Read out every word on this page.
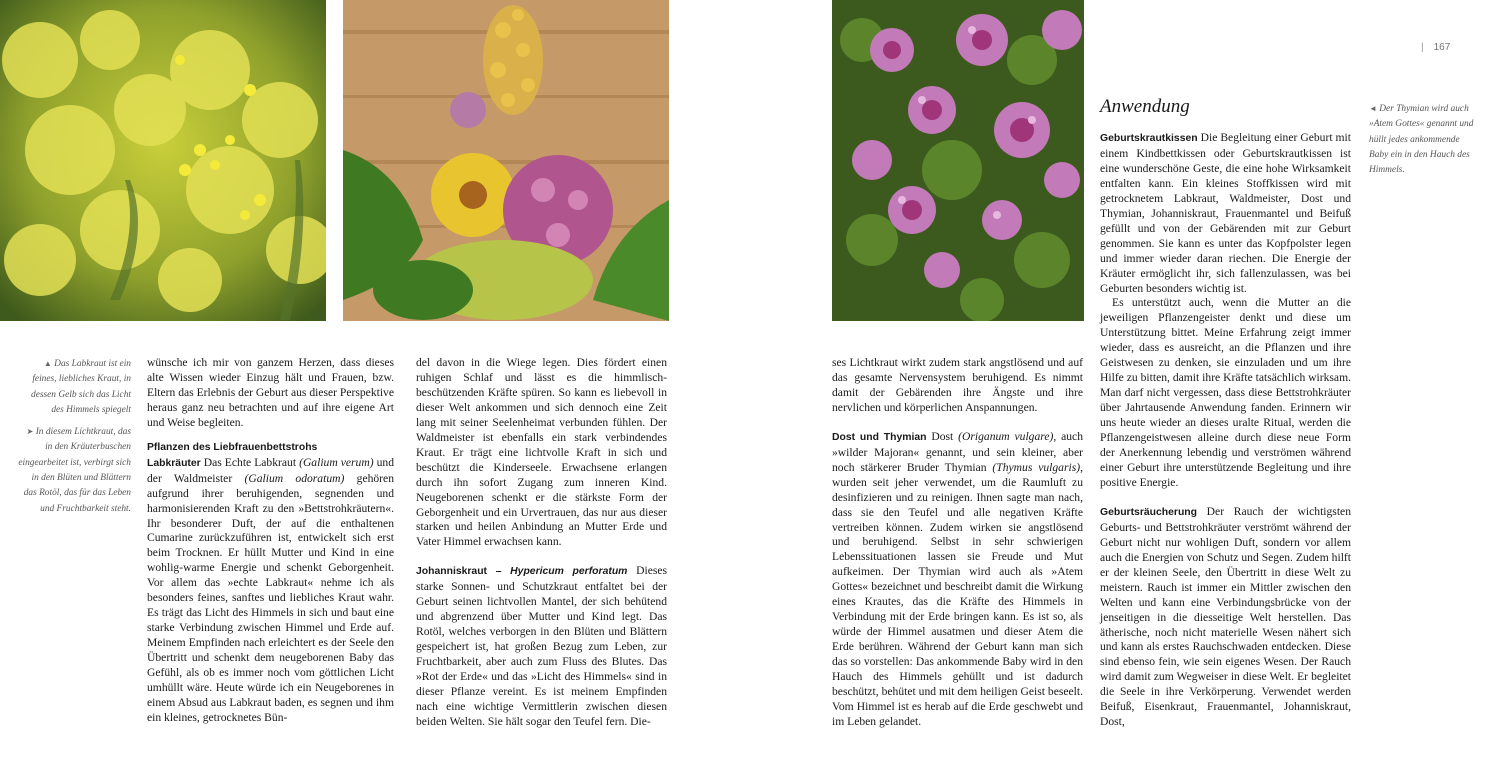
| 167
Anwendung

▲ Das Labkraut ist ein feines, liebliches Kraut, in dessen Gelb sich das Licht des Himmels spiegelt

➤ In diesem Lichtkraut, das in den Kräuterbuschen eingearbeitet ist, verbirgt sich in den Blüten und Blättern das Rotöl, das für das Leben und Fruchtbarkeit steht.

◄ Der Thymian wird auch »Atem Gottes« genannt und hüllt jedes ankommende Baby ein in den Hauch des Himmels.

wünsche ich mir von ganzem Herzen, dass dieses alte Wissen wieder Einzug hält und Frauen, bzw. Eltern das Erlebnis der Geburt aus dieser Perspektive heraus ganz neu betrachten und auf ihre eigene Art und Weise begleiten.

Pflanzen des Liebfrauenbettstrohs

Labkräuter Das Echte Labkraut (Galium verum) und der Waldmeister (Galium odoratum) gehören aufgrund ihrer beruhigenden, segnenden und harmonisierenden Kraft zu den »Bettstrohkräutern«. Ihr besonderer Duft, der auf die enthaltenen Cumarine zurückzuführen ist, entwickelt sich erst beim Trocknen. Er hüllt Mutter und Kind in eine wohlig-warme Energie und schenkt Geborgenheit. Vor allem das »echte Labkraut« nehme ich als besonders feines, sanftes und liebliches Kraut wahr. Es trägt das Licht des Himmels in sich und baut eine starke Verbindung zwischen Himmel und Erde auf. Meinem Empfinden nach erleichtert es der Seele den Übertritt und schenkt dem neugeborenen Baby das Gefühl, als ob es immer noch vom göttlichen Licht umhüllt wäre. Heute würde ich ein Neugeborenes in einem Absud aus Labkraut baden, es segnen und ihm ein kleines, getrocknetes Bün-

del davon in die Wiege legen. Dies fördert einen ruhigen Schlaf und lässt es die himmlisch-beschützenden Kräfte spüren. So kann es liebevoll in dieser Welt ankommen und sich dennoch eine Zeit lang mit seiner Seelenheimat verbunden fühlen. Der Waldmeister ist ebenfalls ein stark verbindendes Kraut. Er trägt eine lichtvolle Kraft in sich und beschützt die Kinderseele. Erwachsene erlangen durch ihn sofort Zugang zum inneren Kind. Neugeborenen schenkt er die stärkste Form der Geborgenheit und ein Urvertrauen, das nur aus dieser starken und heilen Anbindung an Mutter Erde und Vater Himmel erwachsen kann.

Johanniskraut – Hypericum perforatum Dieses starke Sonnen- und Schutzkraut entfaltet bei der Geburt seinen lichtvollen Mantel, der sich behütend und abgrenzend über Mutter und Kind legt. Das Rotöl, welches verborgen in den Blüten und Blättern gespeichert ist, hat großen Bezug zum Leben, zur Fruchtbarkeit, aber auch zum Fluss des Blutes. Das »Rot der Erde« und das »Licht des Himmels« sind in dieser Pflanze vereint. Es ist meinem Empfinden nach eine wichtige Vermittlerin zwischen diesen beiden Welten. Sie hält sogar den Teufel fern. Die-

ses Lichtkraut wirkt zudem stark angstlösend und auf das gesamte Nervensystem beruhigend. Es nimmt damit der Gebärenden ihre Ängste und ihre nervlichen und körperlichen Anspannungen.

Dost und Thymian Dost (Origanum vulgare), auch »wilder Majoran« genannt, und sein kleiner, aber noch stärkerer Bruder Thymian (Thymus vulgaris), wurden seit jeher verwendet, um die Raumluft zu desinfizieren und zu reinigen. Ihnen sagte man nach, dass sie den Teufel und alle negativen Kräfte vertreiben können. Zudem wirken sie angstlösend und beruhigend. Selbst in sehr schwierigen Lebenssituationen lassen sie Freude und Mut aufkeimen. Der Thymian wird auch als »Atem Gottes« bezeichnet und beschreibt damit die Wirkung eines Krautes, das die Kräfte des Himmels in Verbindung mit der Erde bringen kann. Es ist so, als würde der Himmel ausatmen und dieser Atem die Erde berühren. Während der Geburt kann man sich das so vorstellen: Das ankommende Baby wird in den Hauch des Himmels gehüllt und ist dadurch beschützt, behütet und mit dem heiligen Geist beseelt. Vom Himmel ist es herab auf die Erde geschwebt und im Leben gelandet.

Geburtskrautkissen Die Begleitung einer Geburt mit einem Kindbettkissen oder Geburtskrautkissen ist eine wunderschöne Geste, die eine hohe Wirksamkeit entfalten kann. Ein kleines Stoffkissen wird mit getrocknetem Labkraut, Waldmeister, Dost und Thymian, Johanniskraut, Frauenmantel und Beifuß gefüllt und von der Gebärenden mit zur Geburt genommen. Sie kann es unter das Kopfpolster legen und immer wieder daran riechen. Die Energie der Kräuter ermöglicht ihr, sich fallenzulassen, was bei Geburten besonders wichtig ist.

Es unterstützt auch, wenn die Mutter an die jeweiligen Pflanzengeister denkt und diese um Unterstützung bittet. Meine Erfahrung zeigt immer wieder, dass es ausreicht, an die Pflanzen und ihre Geistwesen zu denken, sie einzuladen und um ihre Hilfe zu bitten, damit ihre Kräfte tatsächlich wirksam. Man darf nicht vergessen, dass diese Bettstrohkräuter über Jahrtausende Anwendung fanden. Erinnern wir uns heute wieder an dieses uralte Ritual, werden die Pflanzengeistwesen alleine durch diese neue Form der Anerkennung lebendig und verströmen während einer Geburt ihre unterstützende Begleitung und ihre positive Energie.

Geburtsräucherung Der Rauch der wichtigsten Geburts- und Bettstrohkräuter verströmt während der Geburt nicht nur wohligen Duft, sondern vor allem auch die Energien von Schutz und Segen. Zudem hilft er der kleinen Seele, den Übertritt in diese Welt zu meistern. Rauch ist immer ein Mittler zwischen den Welten und kann eine Verbindungsbrücke von der jenseitigen in die diesseitige Welt herstellen. Das ätherische, noch nicht materielle Wesen nähert sich und kann als erstes Rauchschwaden entdecken. Diese sind ebenso fein, wie sein eigenes Wesen. Der Rauch wird damit zum Wegweiser in diese Welt. Er begleitet die Seele in ihre Verkörperung. Verwendet werden Beifuß, Eisenkraut, Frauenmantel, Johanniskraut, Dost,
